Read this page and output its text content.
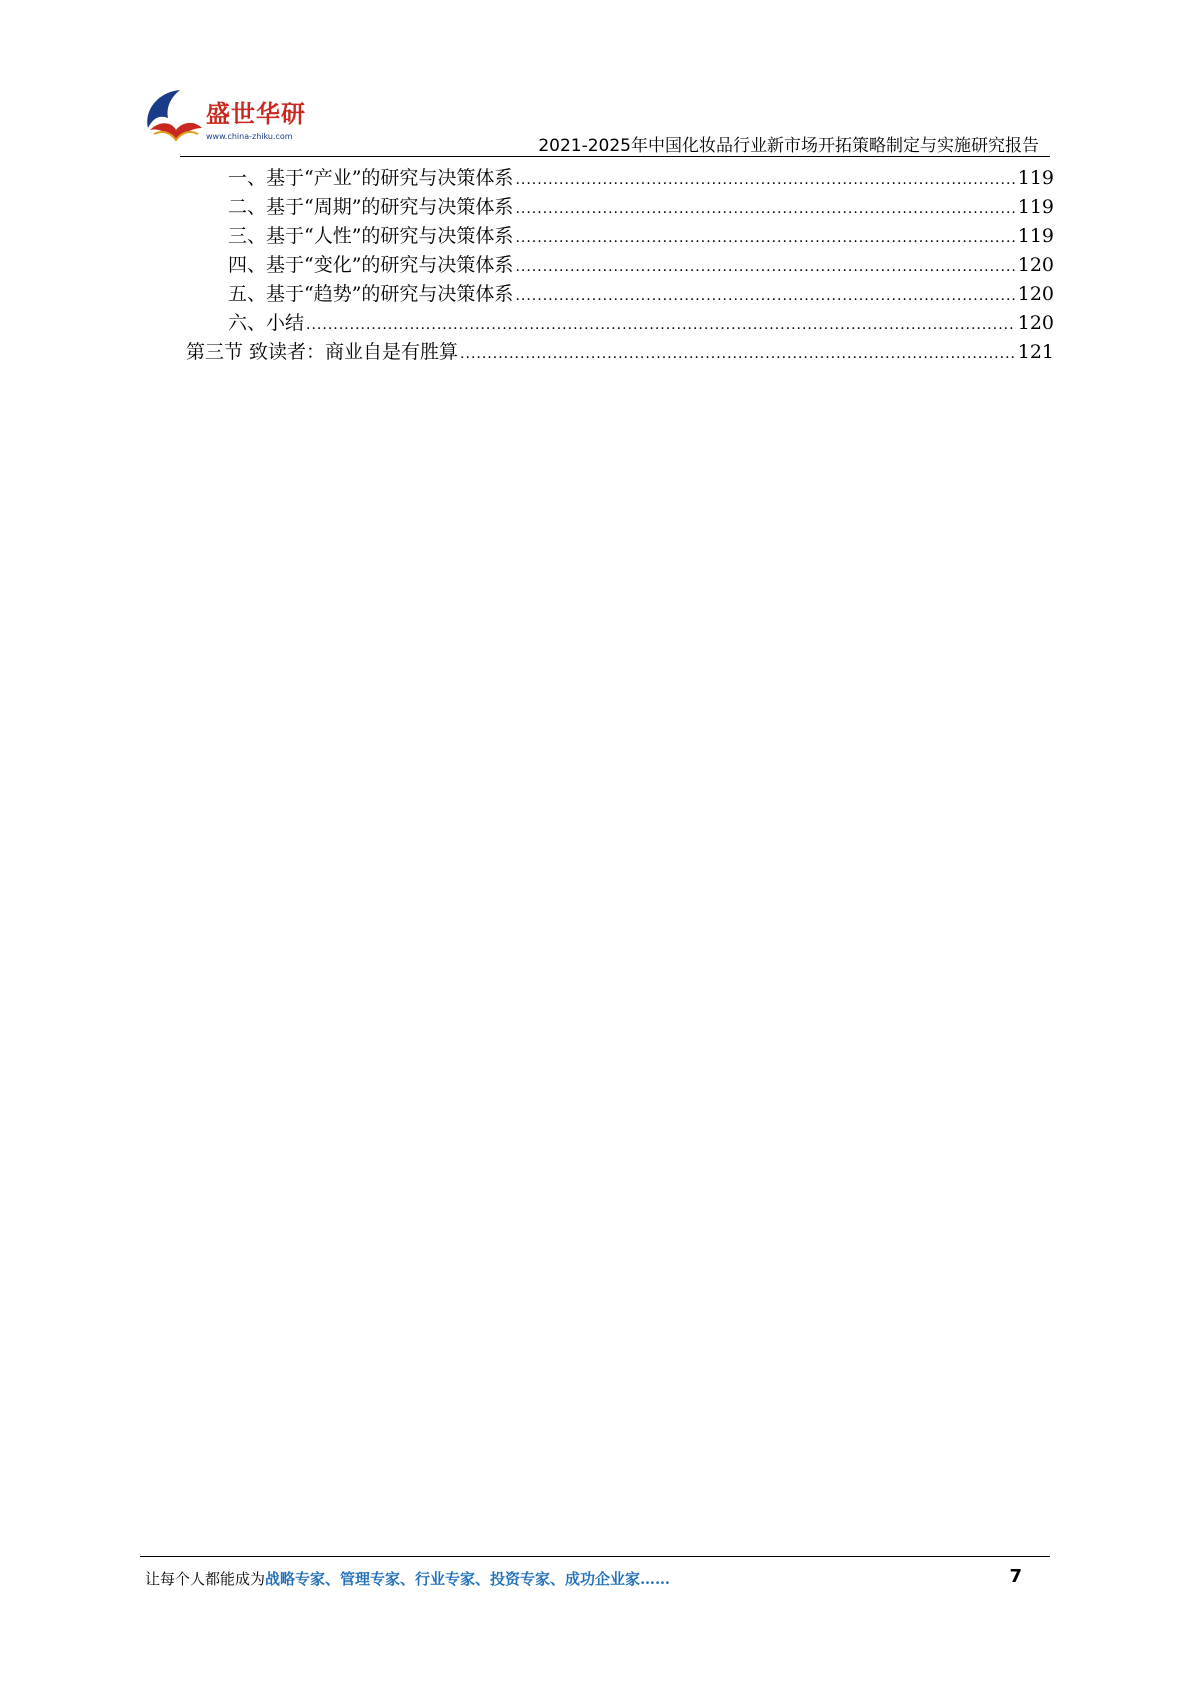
盛世华研
www.china-zhiku.com	2021-2025年中国化妆品行业新市场开拓策略制定与实施研究报告
一、基于“产业”的研究与决策体系 .....	119
二、基于“周期”的研究与决策体系 .....	119
三、基于“人性”的研究与决策体系 .....	119
四、基于“变化”的研究与决策体系 .....	120
五、基于“趋势”的研究与决策体系 .....	120
六、小结 .....	120
第三节 致读者：商业自是有胜算 .....	121
让每个人都能成为战略专家、管理专家、行业专家、投资专家、成功企业家……	7
